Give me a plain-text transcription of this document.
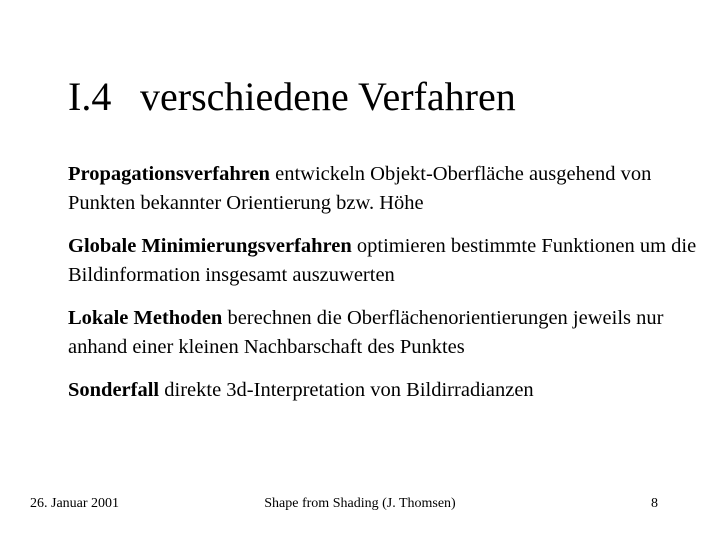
I.4 verschiedene Verfahren
Propagationsverfahren entwickeln Objekt-Oberfläche ausgehend von Punkten bekannter Orientierung bzw. Höhe
Globale Minimierungsverfahren optimieren bestimmte Funktionen um die Bildinformation insgesamt auszuwerten
Lokale Methoden berechnen die Oberflächenorientierungen jeweils nur anhand einer kleinen Nachbarschaft des Punktes
Sonderfall direkte 3d-Interpretation von Bildirradianzen
26. Januar 2001	Shape from Shading (J. Thomsen)	8
